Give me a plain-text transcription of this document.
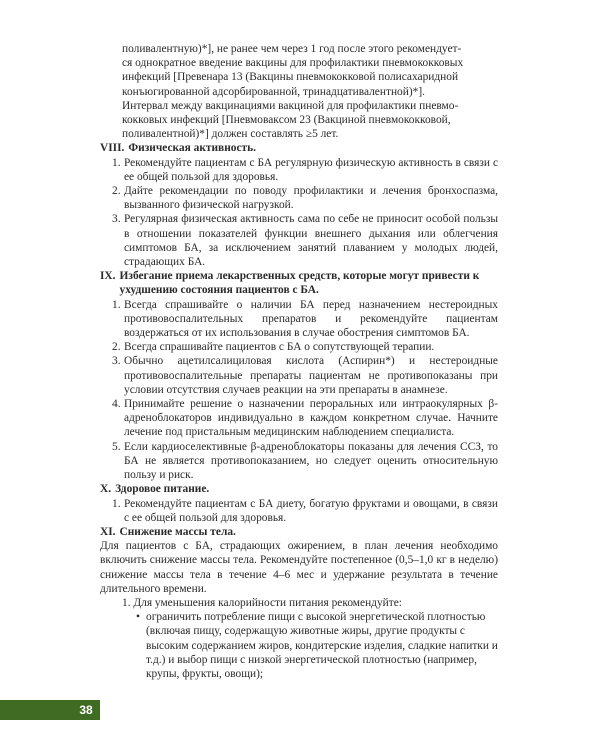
поливалентную)*], не ранее чем через 1 год после этого рекомендует-
ся однократное введение вакцины для профилактики пневмококковых
инфекций [Превенара 13 (Вакцины пневмококковой полисахаридной
конъюгированной адсорбированной, тринадцативалентной)*].
Интервал между вакцинациями вакциной для профилактики пневмо-
кокковых инфекций [Пневмовакcом 23 (Вакциной пневмококковой,
поливалентной)*] должен составлять ≥5 лет.
VIII. Физическая активность.
1. Рекомендуйте пациентам с БА регулярную физическую активность в связи с ее общей пользой для здоровья.
2. Дайте рекомендации по поводу профилактики и лечения бронхоспазма, вызванного физической нагрузкой.
3. Регулярная физическая активность сама по себе не приносит особой пользы в отношении показателей функции внешнего дыхания или облегчения симптомов БА, за исключением занятий плаванием у молодых людей, страдающих БА.
IX. Избегание приема лекарственных средств, которые могут привести к ухудшению состояния пациентов с БА.
1. Всегда спрашивайте о наличии БА перед назначением нестероидных противовоспалительных препаратов и рекомендуйте пациентам воздержаться от их использования в случае обострения симптомов БА.
2. Всегда спрашивайте пациентов с БА о сопутствующей терапии.
3. Обычно ацетилсалициловая кислота (Аспирин*) и нестероидные противовоспалительные препараты пациентам не противопоказаны при условии отсутствия случаев реакции на эти препараты в анамнезе.
4. Принимайте решение о назначении пероральных или интраокулярных β-адреноблокаторов индивидуально в каждом конкретном случае. Начните лечение под пристальным медицинским наблюдением специалиста.
5. Если кардиоселективные β-адреноблокаторы показаны для лечения ССЗ, то БА не является противопоказанием, но следует оценить относительную пользу и риск.
X. Здоровое питание.
1. Рекомендуйте пациентам с БА диету, богатую фруктами и овощами, в связи с ее общей пользой для здоровья.
XI. Снижение массы тела.
Для пациентов с БА, страдающих ожирением, в план лечения необходимо включить снижение массы тела. Рекомендуйте постепенное (0,5–1,0 кг в неделю) снижение массы тела в течение 4–6 мес и удержание результата в течение длительного времени.
1. Для уменьшения калорийности питания рекомендуйте:
• ограничить потребление пищи с высокой энергетической плотностью (включая пищу, содержащую животные жиры, другие продукты с высоким содержанием жиров, кондитерские изделия, сладкие напитки и т.д.) и выбор пищи с низкой энергетической плотностью (например, крупы, фрукты, овощи);
38
